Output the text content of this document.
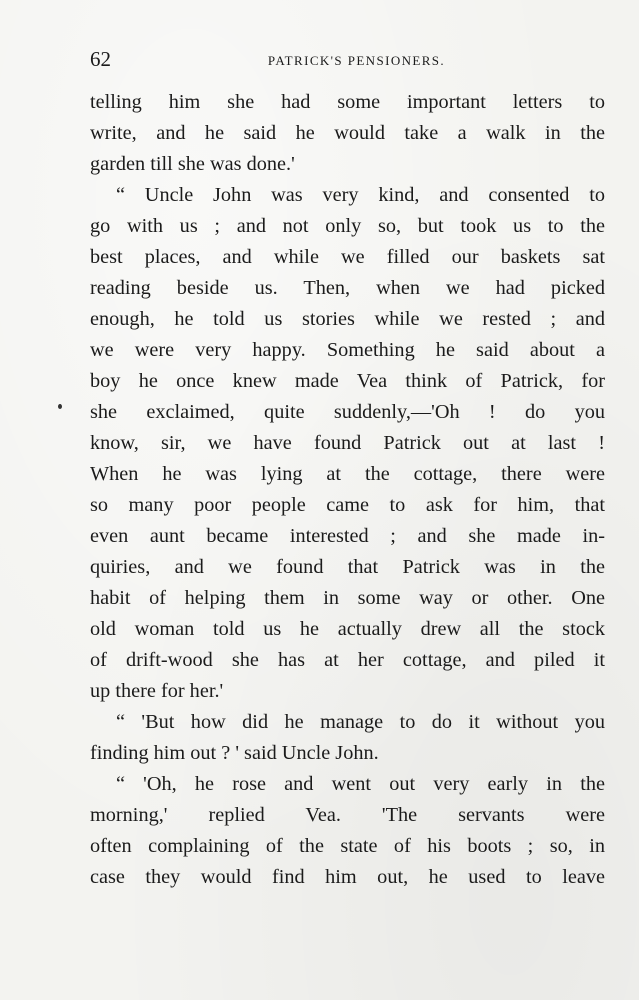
62	PATRICK'S PENSIONERS.
telling him she had some important letters to
write, and he said he would take a walk in the
garden till she was done.'
“ Uncle John was very kind, and consented to
go with us ; and not only so, but took us to the
best places, and while we filled our baskets sat
reading beside us. Then, when we had picked
enough, he told us stories while we rested ; and
we were very happy. Something he said about a
boy he once knew made Vea think of Patrick, for
she exclaimed, quite suddenly,—'Oh ! do you
know, sir, we have found Patrick out at last !
When he was lying at the cottage, there were
so many poor people came to ask for him, that
even aunt became interested ; and she made in-
quiries, and we found that Patrick was in the
habit of helping them in some way or other. One
old woman told us he actually drew all the stock
of drift-wood she has at her cottage, and piled it
up there for her.'
“ 'But how did he manage to do it without you
finding him out ? ' said Uncle John.
“ 'Oh, he rose and went out very early in the
morning,' replied Vea. 'The servants were
often complaining of the state of his boots ; so, in
case they would find him out, he used to leave
